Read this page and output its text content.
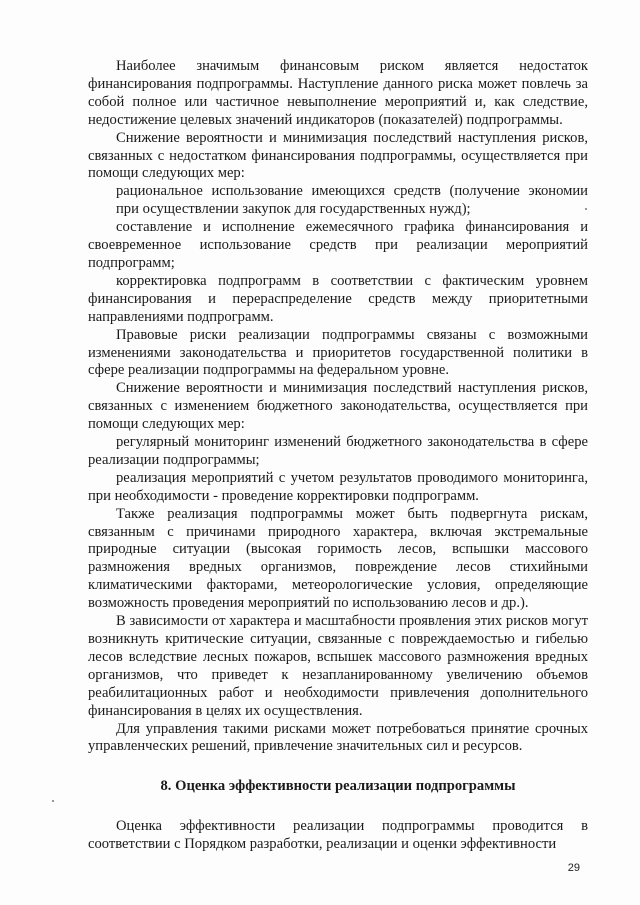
Наиболее значимым финансовым риском является недостаток финансирования подпрограммы. Наступление данного риска может повлечь за собой полное или частичное невыполнение мероприятий и, как следствие, недостижение целевых значений индикаторов (показателей) подпрограммы.

Снижение вероятности и минимизация последствий наступления рисков, связанных с недостатком финансирования подпрограммы, осуществляется при помощи следующих мер:

рациональное использование имеющихся средств (получение экономии при осуществлении закупок для государственных нужд);

составление и исполнение ежемесячного графика финансирования и своевременное использование средств при реализации мероприятий подпрограмм;

корректировка подпрограмм в соответствии с фактическим уровнем финансирования и перераспределение средств между приоритетными направлениями подпрограмм.

Правовые риски реализации подпрограммы связаны с возможными изменениями законодательства и приоритетов государственной политики в сфере реализации подпрограммы на федеральном уровне.

Снижение вероятности и минимизация последствий наступления рисков, связанных с изменением бюджетного законодательства, осуществляется при помощи следующих мер:

регулярный мониторинг изменений бюджетного законодательства в сфере реализации подпрограммы;

реализация мероприятий с учетом результатов проводимого мониторинга, при необходимости - проведение корректировки подпрограмм.

Также реализация подпрограммы может быть подвергнута рискам, связанным с причинами природного характера, включая экстремальные природные ситуации (высокая горимость лесов, вспышки массового размножения вредных организмов, повреждение лесов стихийными климатическими факторами, метеорологические условия, определяющие возможность проведения мероприятий по использованию лесов и др.).

В зависимости от характера и масштабности проявления этих рисков могут возникнуть критические ситуации, связанные с повреждаемостью и гибелью лесов вследствие лесных пожаров, вспышек массового размножения вредных организмов, что приведет к незапланированному увеличению объемов реабилитационных работ и необходимости привлечения дополнительного финансирования в целях их осуществления.

Для управления такими рисками может потребоваться принятие срочных управленческих решений, привлечение значительных сил и ресурсов.

8. Оценка эффективности реализации подпрограммы

Оценка эффективности реализации подпрограммы проводится в соответствии с Порядком разработки, реализации и оценки эффективности

29
